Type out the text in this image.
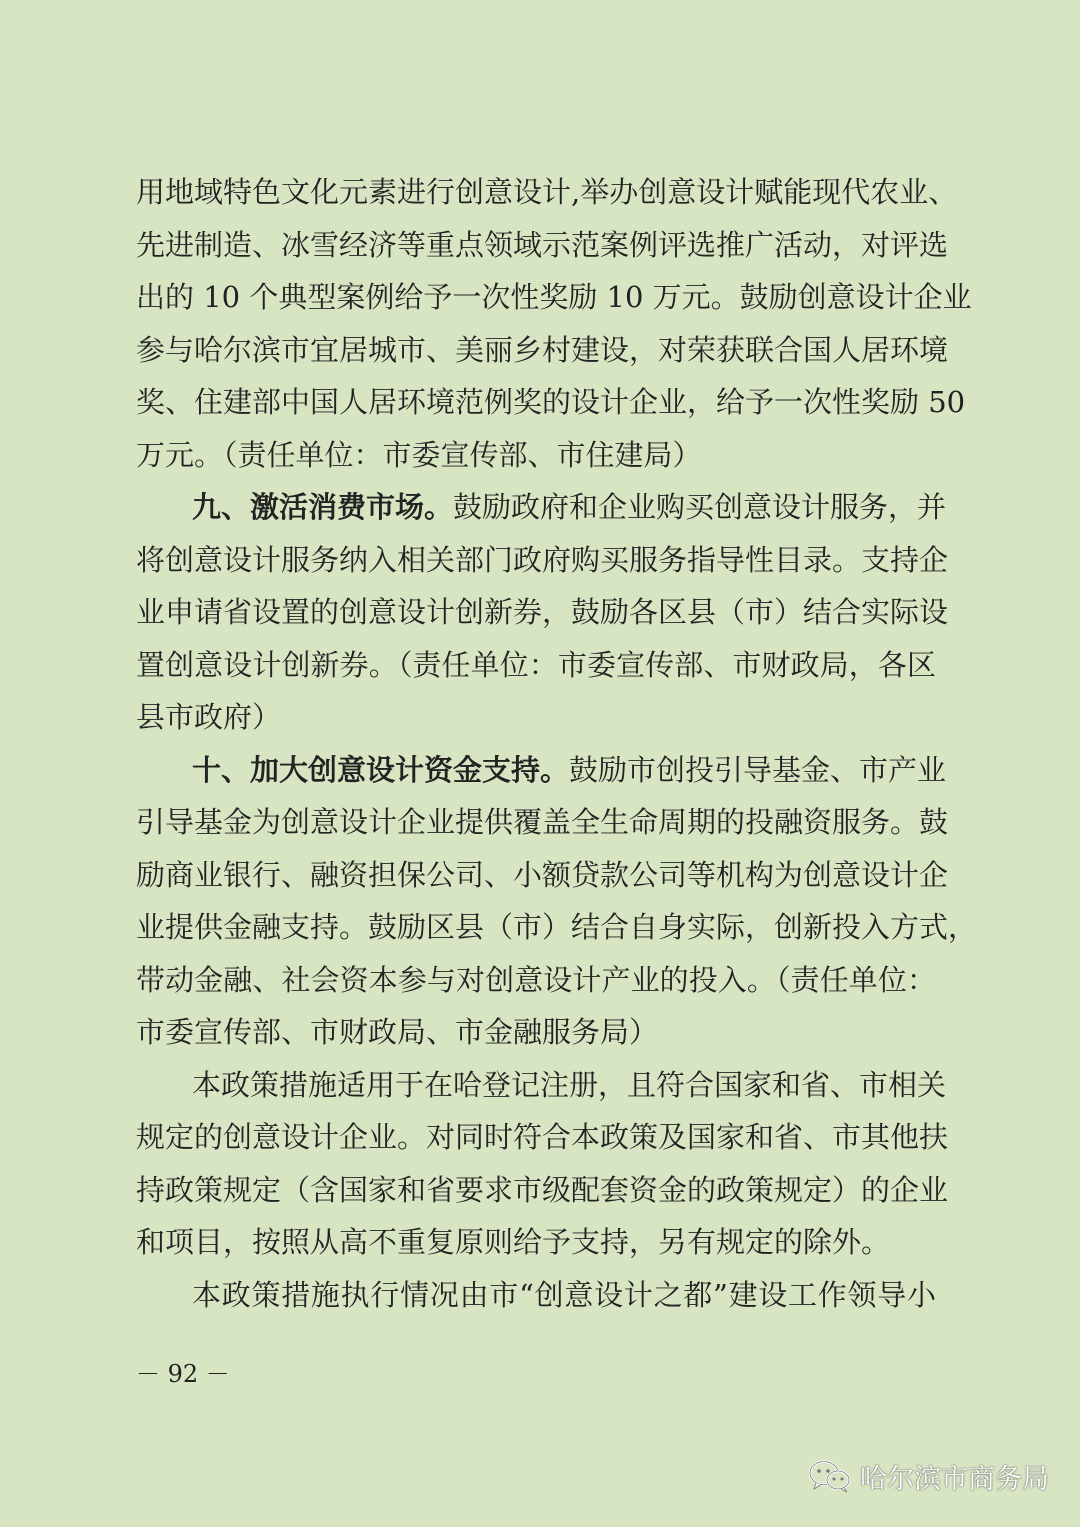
用地域特色文化元素进行创意设计,举办创意设计赋能现代农业、
先进制造、冰雪经济等重点领域示范案例评选推广活动，对评选
出的 10 个典型案例给予一次性奖励 10 万元。鼓励创意设计企业
参与哈尔滨市宜居城市、美丽乡村建设，对荣获联合国人居环境
奖、住建部中国人居环境范例奖的设计企业，给予一次性奖励 50
万元。（责任单位：市委宣传部、市住建局）
九、激活消费市场。鼓励政府和企业购买创意设计服务，并
将创意设计服务纳入相关部门政府购买服务指导性目录。支持企
业申请省设置的创意设计创新券，鼓励各区县（市）结合实际设
置创意设计创新券。（责任单位：市委宣传部、市财政局，各区
县市政府）
十、加大创意设计资金支持。鼓励市创投引导基金、市产业
引导基金为创意设计企业提供覆盖全生命周期的投融资服务。鼓
励商业银行、融资担保公司、小额贷款公司等机构为创意设计企
业提供金融支持。鼓励区县（市）结合自身实际，创新投入方式，
带动金融、社会资本参与对创意设计产业的投入。（责任单位：
市委宣传部、市财政局、市金融服务局）
本政策措施适用于在哈登记注册，且符合国家和省、市相关
规定的创意设计企业。对同时符合本政策及国家和省、市其他扶
持政策规定（含国家和省要求市级配套资金的政策规定）的企业
和项目，按照从高不重复原则给予支持，另有规定的除外。
本政策措施执行情况由市“创意设计之都”建设工作领导小
－ 92 －
哈尔滨市商务局
